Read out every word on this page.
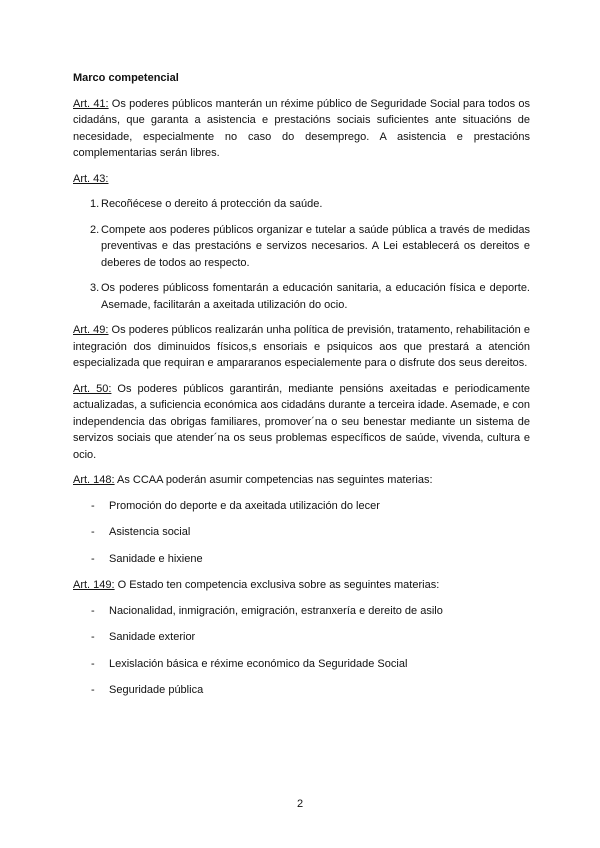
Marco competencial

Art. 41: Os poderes públicos manterán un réxime público de Seguridade Social para todos os cidadáns, que garanta a asistencia e prestacións sociais suficientes ante situacións de necesidade, especialmente no caso do desemprego. A asistencia e prestacións complementarias serán libres.

Art. 43:

1. Recoñécese o dereito á protección da saúde.
2. Compete aos poderes públicos organizar e tutelar a saúde pública a través de medidas preventivas e das prestacións e servizos necesarios. A Lei establecerá os dereitos e deberes de todos ao respecto.
3. Os poderes públicoss fomentarán a educación sanitaria, a educación física e deporte. Asemade, facilitarán a axeitada utilización do ocio.

Art. 49: Os poderes públicos realizarán unha política de previsión, tratamento, rehabilitación e integración dos diminuidos físicos,s ensoriais e psiquicos aos que prestará a atención especializada que requiran e ampararanos especialemente para o disfrute dos seus dereitos.

Art. 50: Os poderes públicos garantirán, mediante pensións axeitadas e periodicamente actualizadas, a suficiencia económica aos cidadáns durante a terceira idade. Asemade, e con independencia das obrigas familiares, promover´na o seu benestar mediante un sistema de servizos sociais que atender´na os seus problemas específicos de saúde, vivenda, cultura e ocio.

Art. 148: As CCAA poderán asumir competencias nas seguintes materias:

- Promoción do deporte e da axeitada utilización do lecer
- Asistencia social
- Sanidade e hixiene

Art. 149: O Estado ten competencia exclusiva sobre as seguintes materias:

- Nacionalidad, inmigración, emigración, estranxería e dereito de asilo
- Sanidade exterior
- Lexislación básica e réxime económico da Seguridade Social
- Seguridade pública
2
